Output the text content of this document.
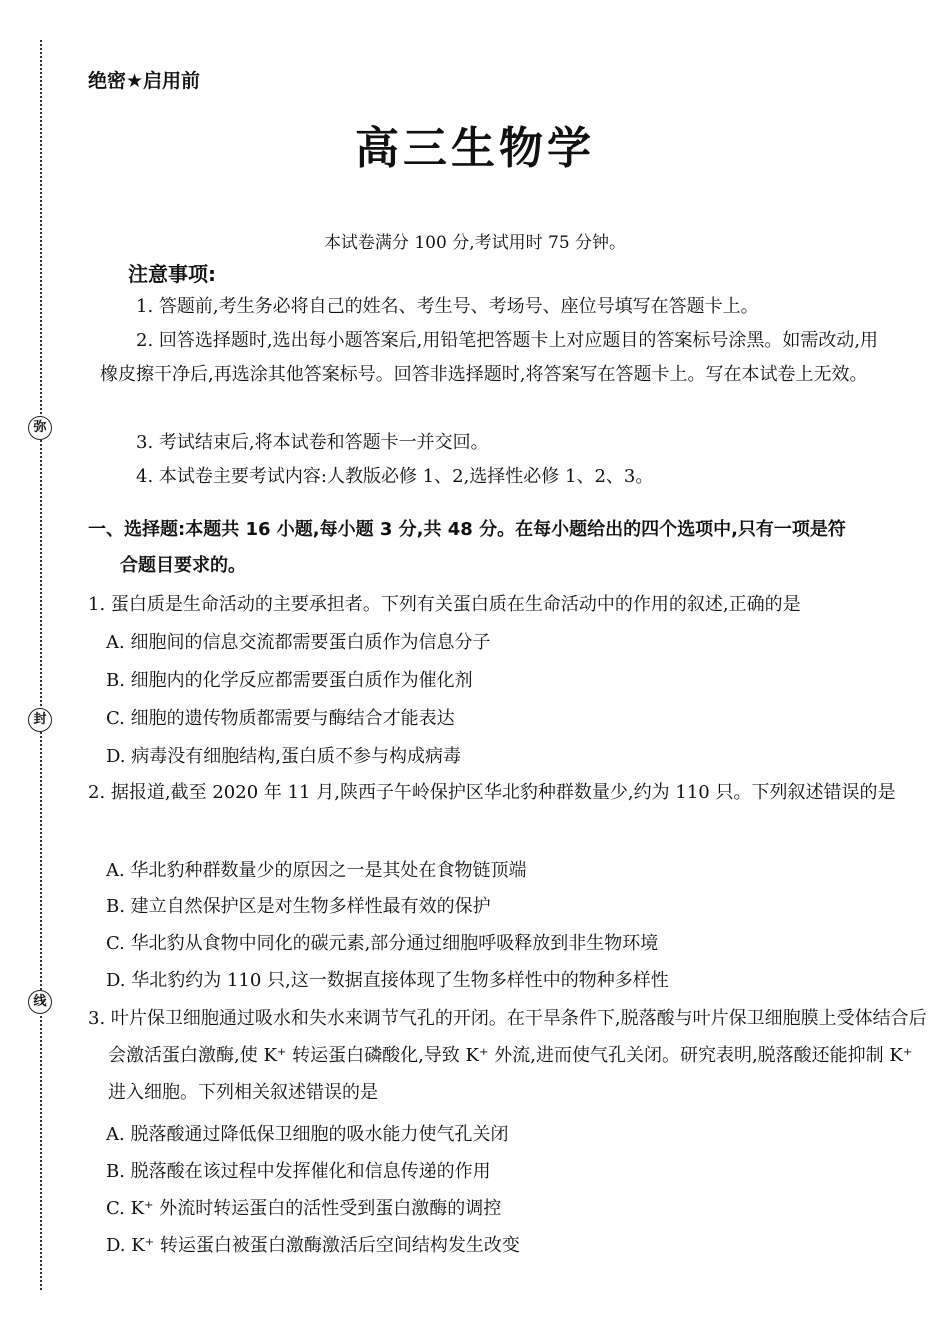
弥
封
线
绝密★启用前
高三生物学
本试卷满分 100 分,考试用时 75 分钟。
注意事项:

1. 答题前,考生务必将自己的姓名、考生号、考场号、座位号填写在答题卡上。

2. 回答选择题时,选出每小题答案后,用铅笔把答题卡上对应题目的答案标号涂黑。如需改动,用橡皮擦干净后,再选涂其他答案标号。回答非选择题时,将答案写在答题卡上。写在本试卷上无效。

3. 考试结束后,将本试卷和答题卡一并交回。

4. 本试卷主要考试内容:人教版必修 1、2,选择性必修 1、2、3。

一、选择题:本题共 16 小题,每小题 3 分,共 48 分。在每小题给出的四个选项中,只有一项是符
合题目要求的。
1. 蛋白质是生命活动的主要承担者。下列有关蛋白质在生命活动中的作用的叙述,正确的是
A. 细胞间的信息交流都需要蛋白质作为信息分子
B. 细胞内的化学反应都需要蛋白质作为催化剂
C. 细胞的遗传物质都需要与酶结合才能表达
D. 病毒没有细胞结构,蛋白质不参与构成病毒

2. 据报道,截至 2020 年 11 月,陕西子午岭保护区华北豹种群数量少,约为 110 只。下列叙述错误的是

A. 华北豹种群数量少的原因之一是其处在食物链顶端
B. 建立自然保护区是对生物多样性最有效的保护
C. 华北豹从食物中同化的碳元素,部分通过细胞呼吸释放到非生物环境
D. 华北豹约为 110 只,这一数据直接体现了生物多样性中的物种多样性

3. 叶片保卫细胞通过吸水和失水来调节气孔的开闭。在干旱条件下,脱落酸与叶片保卫细胞膜上受体结合后会激活蛋白激酶,使 K⁺ 转运蛋白磷酸化,导致 K⁺ 外流,进而使气孔关闭。研究表明,脱落酸还能抑制 K⁺ 进入细胞。下列相关叙述错误的是

A. 脱落酸通过降低保卫细胞的吸水能力使气孔关闭
B. 脱落酸在该过程中发挥催化和信息传递的作用
C. K⁺ 外流时转运蛋白的活性受到蛋白激酶的调控
D. K⁺ 转运蛋白被蛋白激酶激活后空间结构发生改变
